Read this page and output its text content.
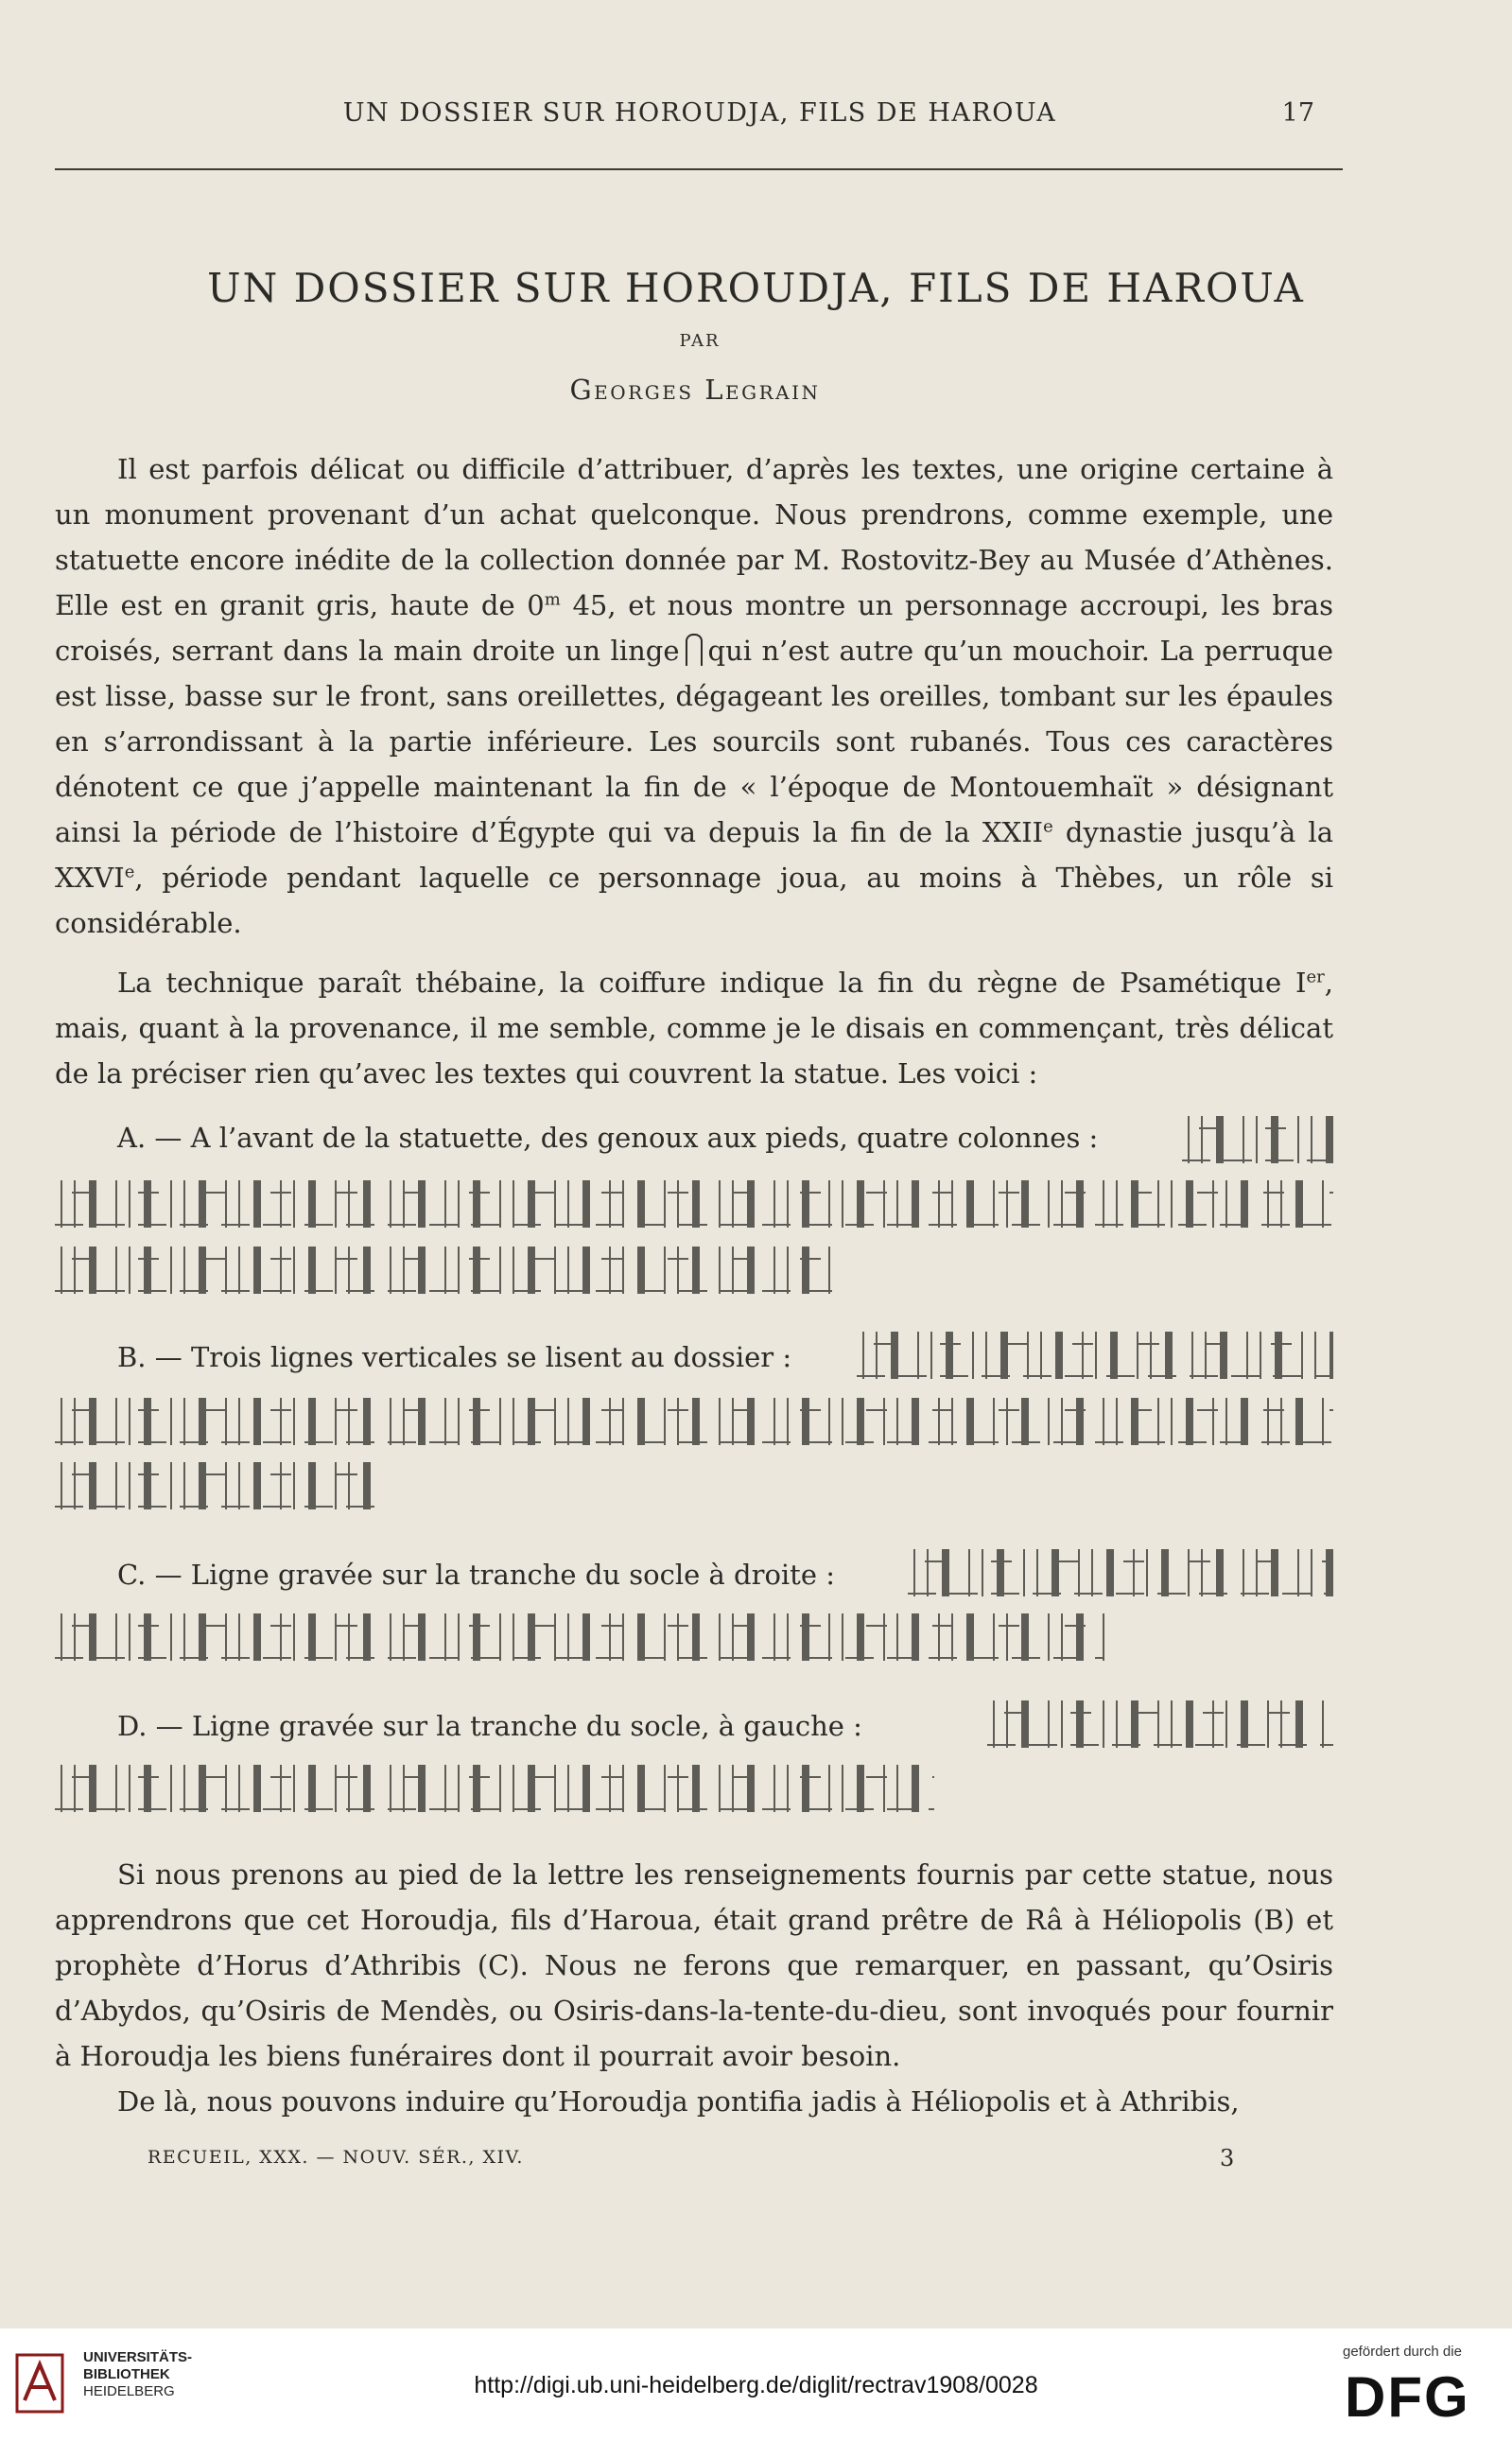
UN DOSSIER SUR HOROUDJA, FILS DE HAROUA	17
UN DOSSIER SUR HOROUDJA, FILS DE HAROUA
PAR
Georges Legrain

Il est parfois délicat ou difficile d’attribuer, d’après les textes, une origine certaine à un monument provenant d’un achat quelconque. Nous prendrons, comme exemple, une statuette encore inédite de la collection donnée par M. Rostovitz-Bey au Musée d’Athènes. Elle est en granit gris, haute de 0$^m$ 45, et nous montre un personnage accroupi, les bras croisés, serrant dans la main droite un linge qui n’est autre qu’un mouchoir. La perruque est lisse, basse sur le front, sans oreillettes, dégageant les oreilles, tombant sur les épaules en s’arrondissant à la partie inférieure. Les sourcils sont rubanés. Tous ces caractères dénotent ce que j’appelle maintenant la fin de « l’époque de Montouemhaït » désignant ainsi la période de l’histoire d’Égypte qui va depuis la fin de la XXIIe dynastie jusqu’à la XXVIe, période pendant laquelle ce personnage joua, au moins à Thèbes, un rôle si considérable.

La technique paraît thébaine, la coiffure indique la fin du règne de Psamétique Ier, mais, quant à la provenance, il me semble, comme je le disais en commençant, très délicat de la préciser rien qu’avec les textes qui couvrent la statue. Les voici :

A. — A l’avant de la statuette, des genoux aux pieds, quatre colonnes :
B. — Trois lignes verticales se lisent au dossier :
C. — Ligne gravée sur la tranche du socle à droite :
D. — Ligne gravée sur la tranche du socle, à gauche :

Si nous prenons au pied de la lettre les renseignements fournis par cette statue, nous apprendrons que cet Horoudja, fils d’Haroua, était grand prêtre de Râ à Héliopolis (B) et prophète d’Horus d’Athribis (C). Nous ne ferons que remarquer, en passant, qu’Osiris d’Abydos, qu’Osiris de Mendès, ou Osiris-dans-la-tente-du-dieu, sont invoqués pour fournir à Horoudja les biens funéraires dont il pourrait avoir besoin.

De là, nous pouvons induire qu’Horoudja pontifia jadis à Héliopolis et à Athribis,

RECUEIL, XXX. — NOUV. SÉR., XIV.	3
UNIVERSITÄTS-
BIBLIOTHEK
HEIDELBERG	http://digi.ub.uni-heidelberg.de/diglit/rectrav1908/0028
gefördert durch die
DFG
